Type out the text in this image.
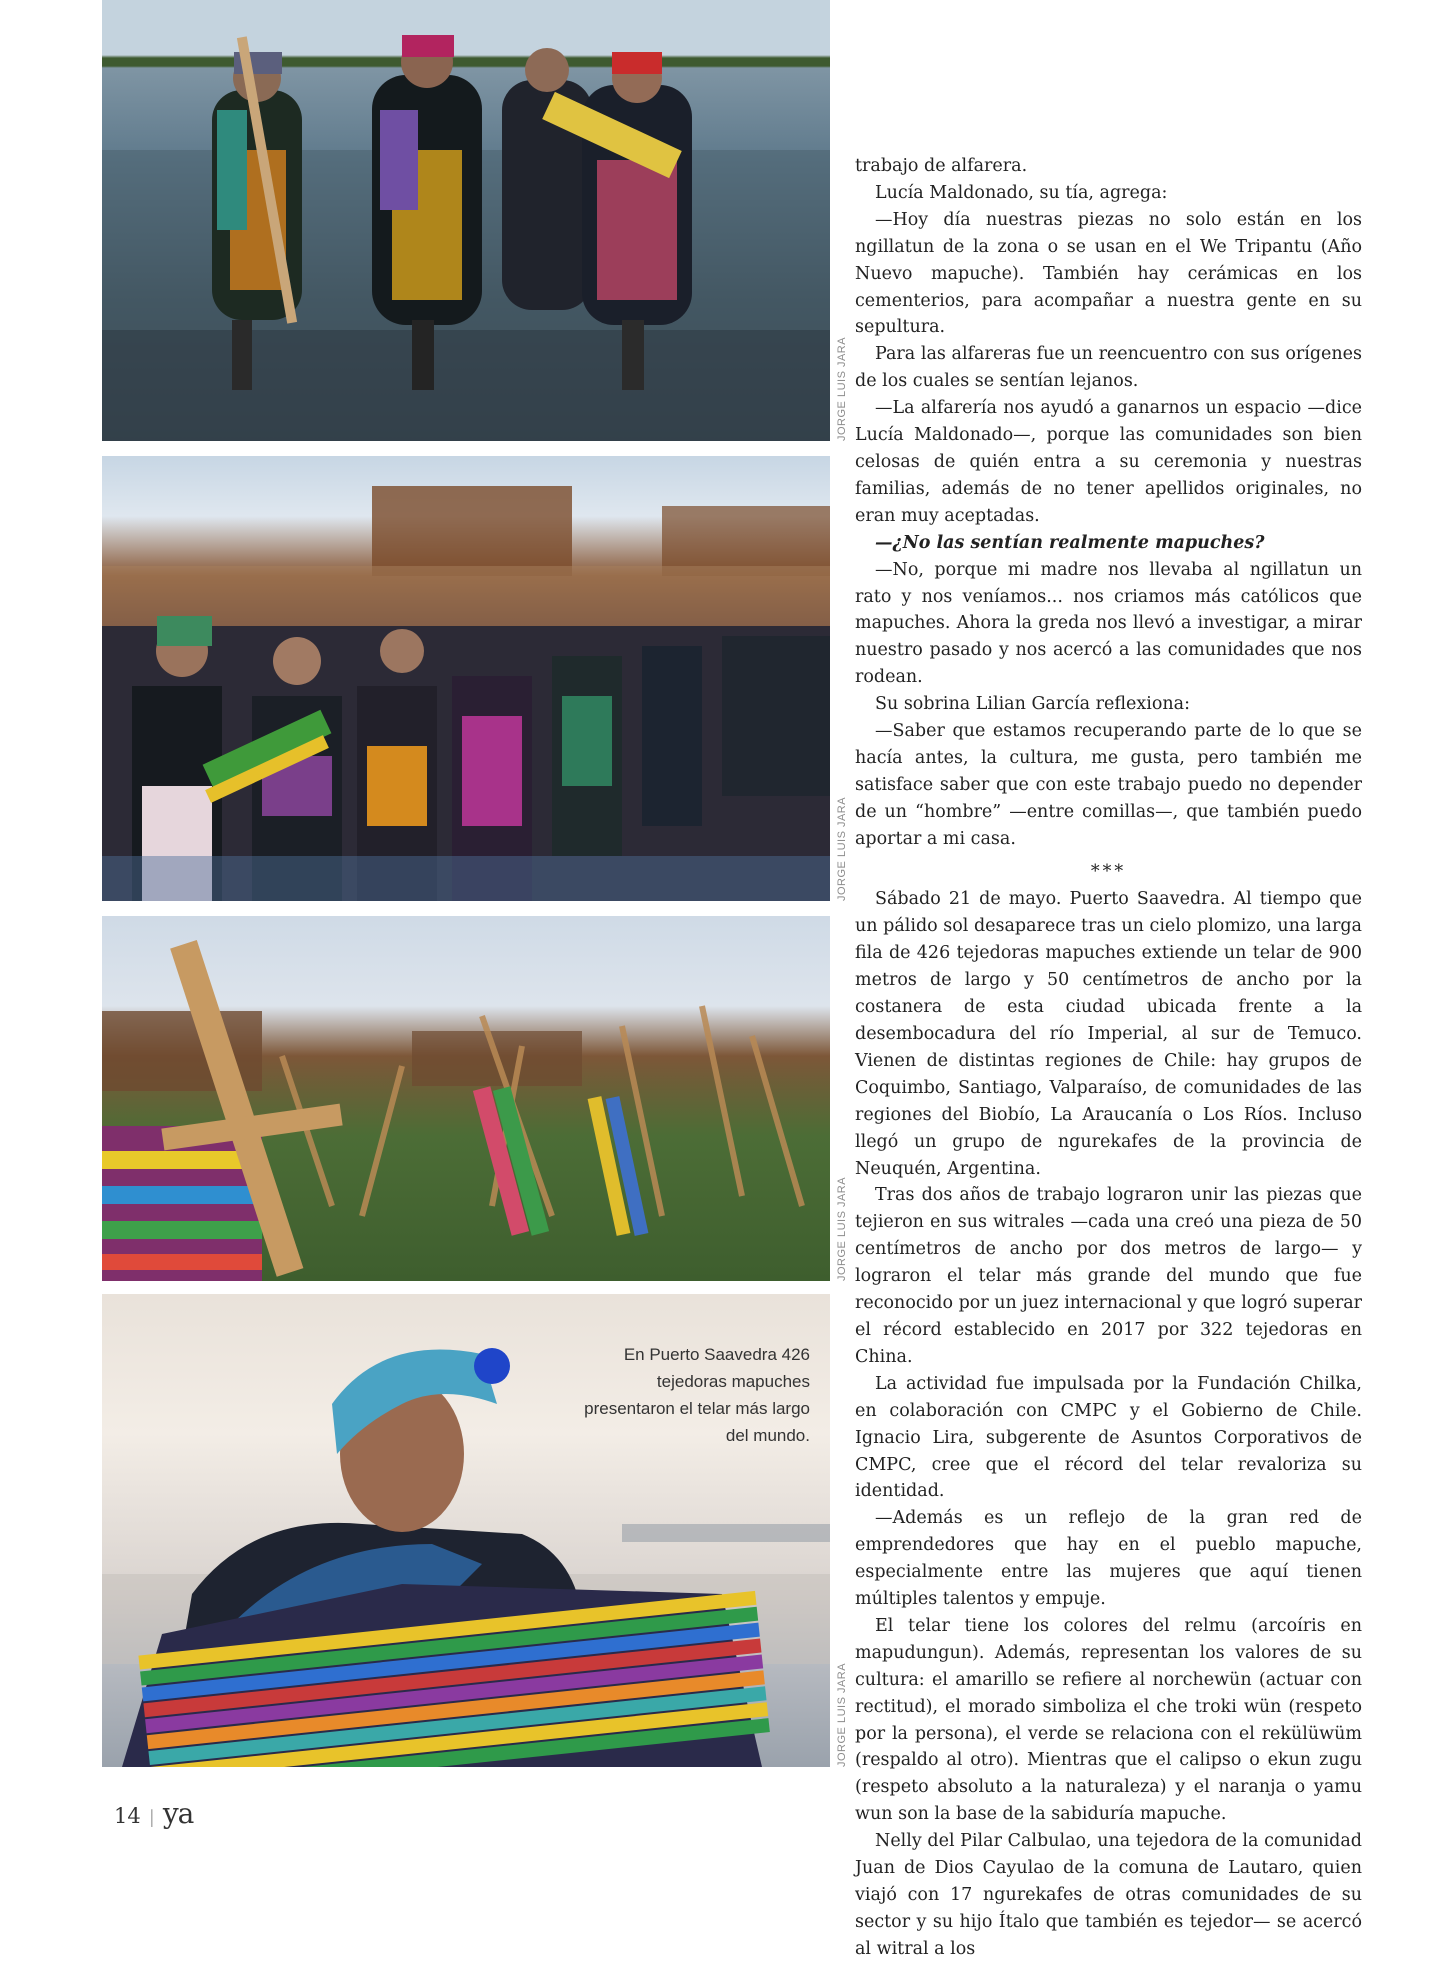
JORGE LUIS JARA
JORGE LUIS JARA
JORGE LUIS JARA
En Puerto Saavedra 426 tejedoras mapuches presentaron el telar más largo del mundo.
JORGE LUIS JARA

trabajo de alfarera.

Lucía Maldonado, su tía, agrega:

—Hoy día nuestras piezas no solo están en los ngillatun de la zona o se usan en el We Tripantu (Año Nuevo mapuche). También hay cerámicas en los cementerios, para acompañar a nuestra gente en su sepultura.

Para las alfareras fue un reencuentro con sus orígenes de los cuales se sentían lejanos.

—La alfarería nos ayudó a ganarnos un espacio —dice Lucía Maldonado—, porque las comunidades son bien celosas de quién entra a su ceremonia y nuestras familias, además de no tener apellidos originales, no eran muy aceptadas.

—¿No las sentían realmente mapuches?

—No, porque mi madre nos llevaba al ngillatun un rato y nos veníamos... nos criamos más católicos que mapuches. Ahora la greda nos llevó a investigar, a mirar nuestro pasado y nos acercó a las comunidades que nos rodean.

Su sobrina Lilian García reflexiona:

—Saber que estamos recuperando parte de lo que se hacía antes, la cultura, me gusta, pero también me satisface saber que con este trabajo puedo no depender de un “hombre” —entre comillas—, que también puedo aportar a mi casa.

***

Sábado 21 de mayo. Puerto Saavedra. Al tiempo que un pálido sol desaparece tras un cielo plomizo, una larga fila de 426 tejedoras mapuches extiende un telar de 900 metros de largo y 50 centímetros de ancho por la costanera de esta ciudad ubicada frente a la desembocadura del río Imperial, al sur de Temuco. Vienen de distintas regiones de Chile: hay grupos de Coquimbo, Santiago, Valparaíso, de comunidades de las regiones del Biobío, La Araucanía o Los Ríos. Incluso llegó un grupo de ngurekafes de la provincia de Neuquén, Argentina.

Tras dos años de trabajo lograron unir las piezas que tejieron en sus witrales —cada una creó una pieza de 50 centímetros de ancho por dos metros de largo— y lograron el telar más grande del mundo que fue reconocido por un juez internacional y que logró superar el récord establecido en 2017 por 322 tejedoras en China.

La actividad fue impulsada por la Fundación Chilka, en colaboración con CMPC y el Gobierno de Chile. Ignacio Lira, subgerente de Asuntos Corporativos de CMPC, cree que el récord del telar revaloriza su identidad.

—Además es un reflejo de la gran red de emprendedores que hay en el pueblo mapuche, especialmente entre las mujeres que aquí tienen múltiples talentos y empuje.

El telar tiene los colores del relmu (arcoíris en mapudungun). Además, representan los valores de su cultura: el amarillo se refiere al norchewün (actuar con rectitud), el morado simboliza el che troki wün (respeto por la persona), el verde se relaciona con el rekülüwüm (respaldo al otro). Mientras que el calipso o ekun zugu (respeto absoluto a la naturaleza) y el naranja o yamu wun son la base de la sabiduría mapuche.

Nelly del Pilar Calbulao, una tejedora de la comunidad Juan de Dios Cayulao de la comuna de Lautaro, quien viajó con 17 ngurekafes de otras comunidades de su sector y su hijo Ítalo que también es tejedor— se acercó al witral a los

14 | ya
